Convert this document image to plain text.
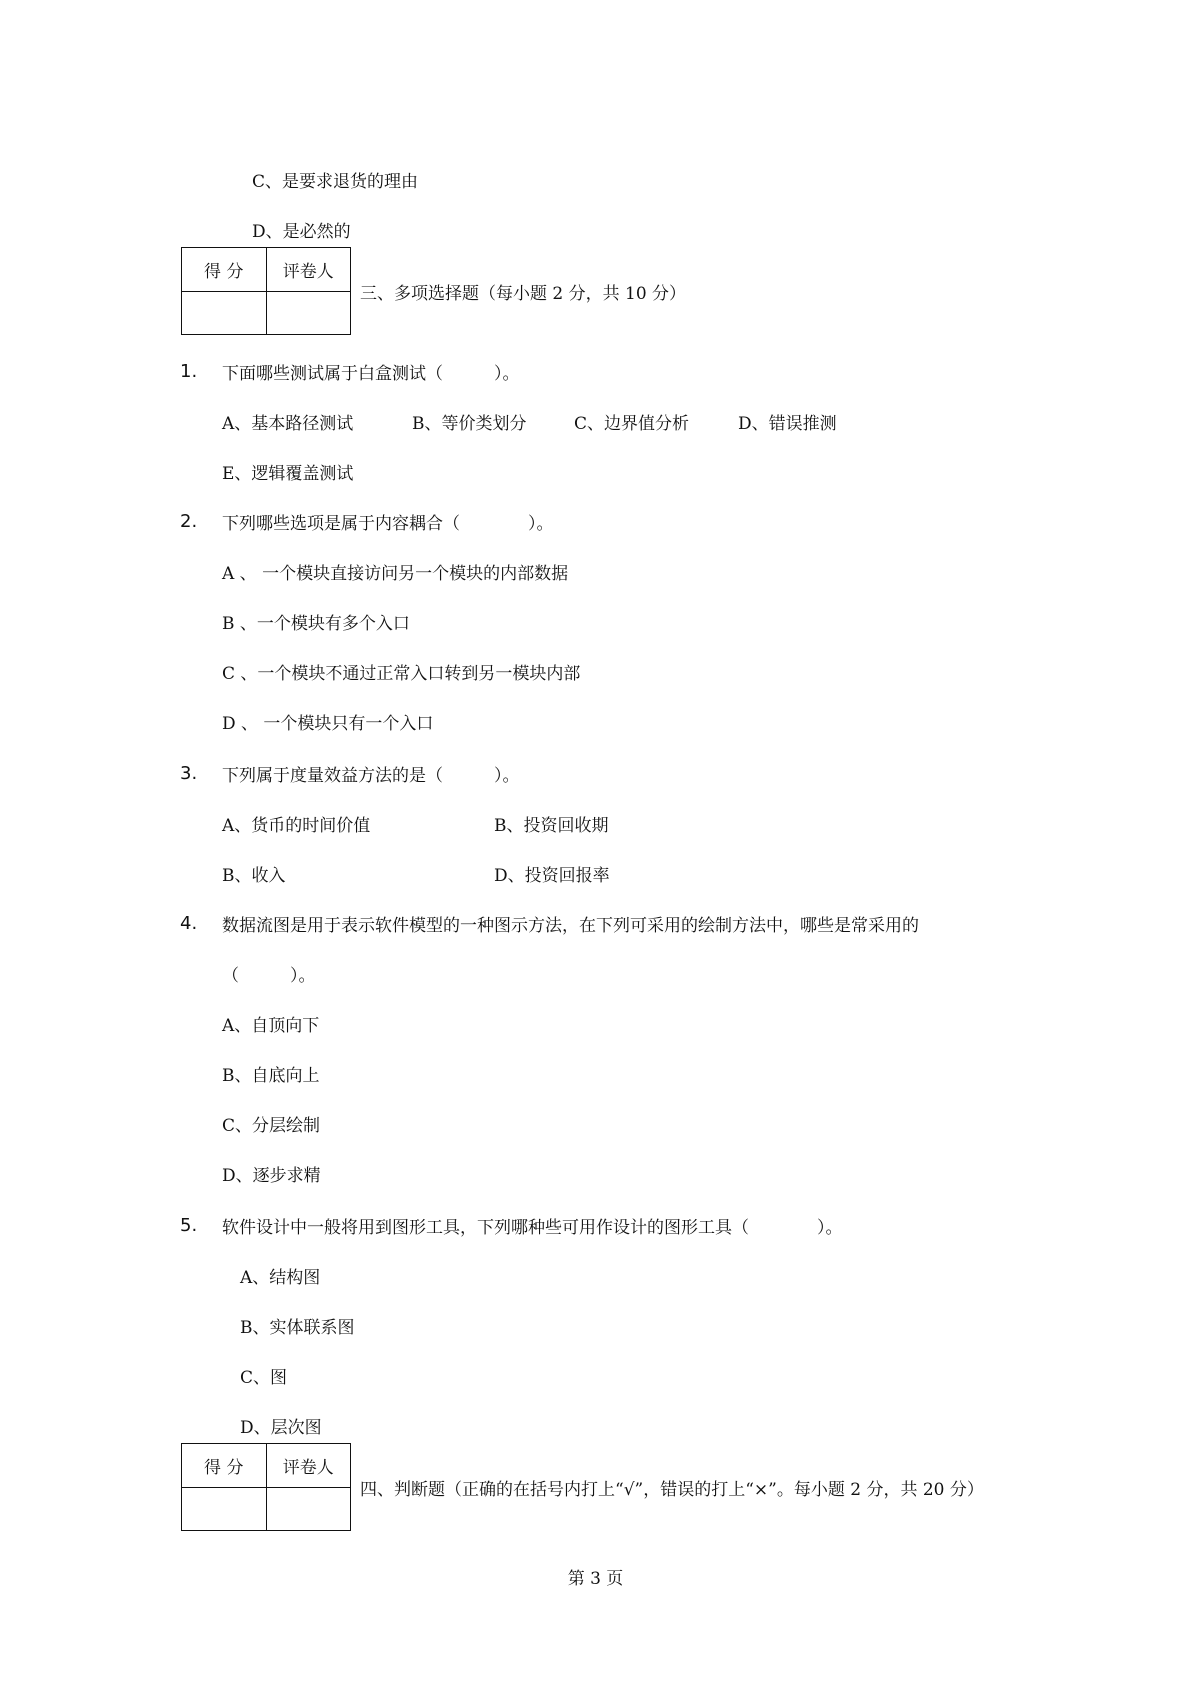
C、是要求退货的理由
D、是必然的
得 分	评卷人

三、多项选择题（每小题 2 分，共 10 分）
1. 下面哪些测试属于白盒测试（　　　）。
A、基本路径测试	B、等价类划分	C、边界值分析	D、错误推测
E、逻辑覆盖测试
2. 下列哪些选项是属于内容耦合（　　　　）。
A 、 一个模块直接访问另一个模块的内部数据
B 、一个模块有多个入口
C 、一个模块不通过正常入口转到另一模块内部
D 、 一个模块只有一个入口
3. 下列属于度量效益方法的是（　　　）。
A、货币的时间价值	B、投资回收期
B、收入	D、投资回报率
4. 数据流图是用于表示软件模型的一种图示方法，在下列可采用的绘制方法中，哪些是常采用的
（　　　）。
A、自顶向下
B、自底向上
C、分层绘制
D、逐步求精
5. 软件设计中一般将用到图形工具，下列哪种些可用作设计的图形工具（　　　　）。
A、结构图
B、实体联系图
C、图
D、层次图
得 分	评卷人

四、判断题（正确的在括号内打上“√”，错误的打上“×”。每小题 2 分，共 20 分）
第 3 页
